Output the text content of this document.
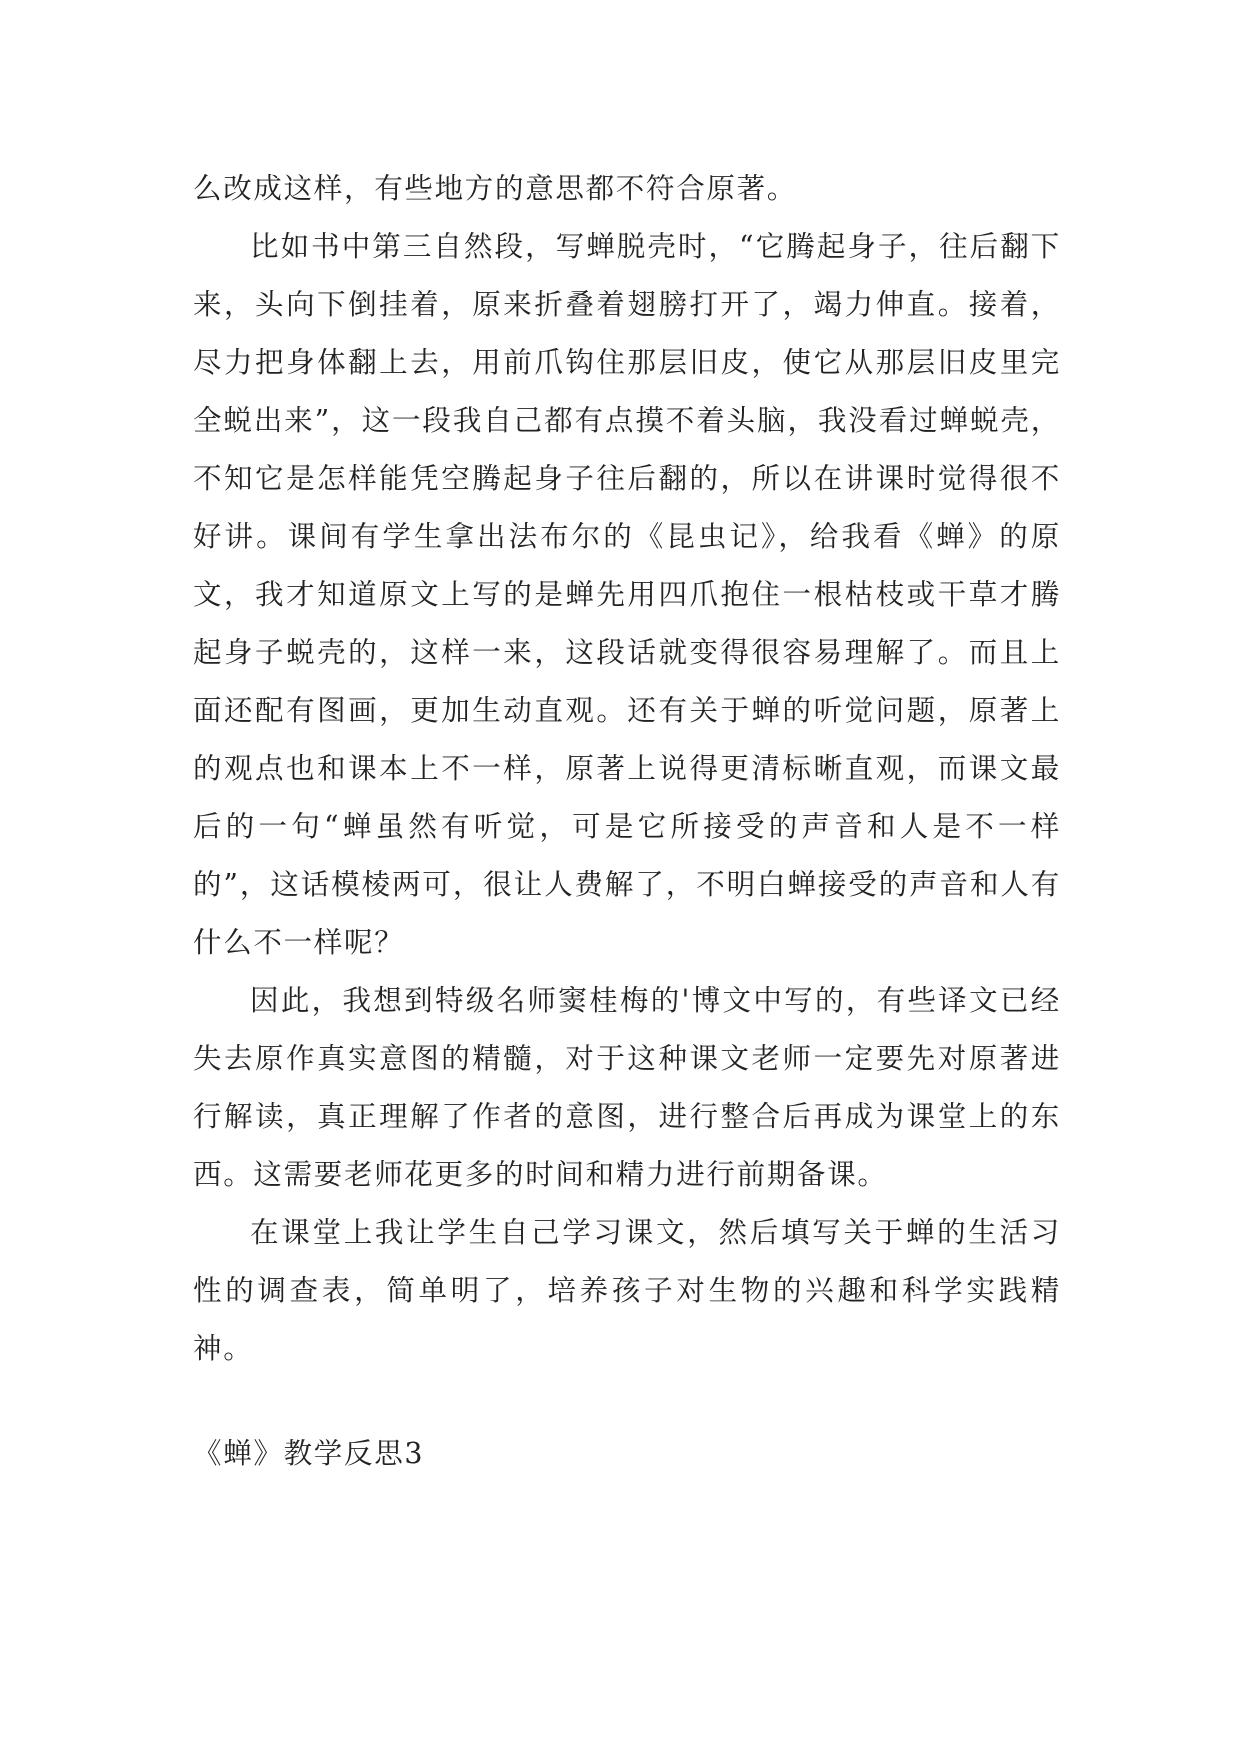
么改成这样，有些地方的意思都不符合原著。

比如书中第三自然段，写蝉脱壳时，“它腾起身子，往后翻下来，头向下倒挂着，原来折叠着翅膀打开了，竭力伸直。接着，尽力把身体翻上去，用前爪钩住那层旧皮，使它从那层旧皮里完全蜕出来”，这一段我自己都有点摸不着头脑，我没看过蝉蜕壳，不知它是怎样能凭空腾起身子往后翻的，所以在讲课时觉得很不好讲。课间有学生拿出法布尔的《昆虫记》，给我看《蝉》的原文，我才知道原文上写的是蝉先用四爪抱住一根枯枝或干草才腾起身子蜕壳的，这样一来，这段话就变得很容易理解了。而且上面还配有图画，更加生动直观。还有关于蝉的听觉问题，原著上的观点也和课本上不一样，原著上说得更清标晰直观，而课文最后的一句“蝉虽然有听觉，可是它所接受的声音和人是不一样的”，这话模棱两可，很让人费解了，不明白蝉接受的声音和人有什么不一样呢？

因此，我想到特级名师窦桂梅的'博文中写的，有些译文已经失去原作真实意图的精髓，对于这种课文老师一定要先对原著进行解读，真正理解了作者的意图，进行整合后再成为课堂上的东西。这需要老师花更多的时间和精力进行前期备课。

在课堂上我让学生自己学习课文，然后填写关于蝉的生活习性的调查表，简单明了，培养孩子对生物的兴趣和科学实践精神。

《蝉》教学反思3
